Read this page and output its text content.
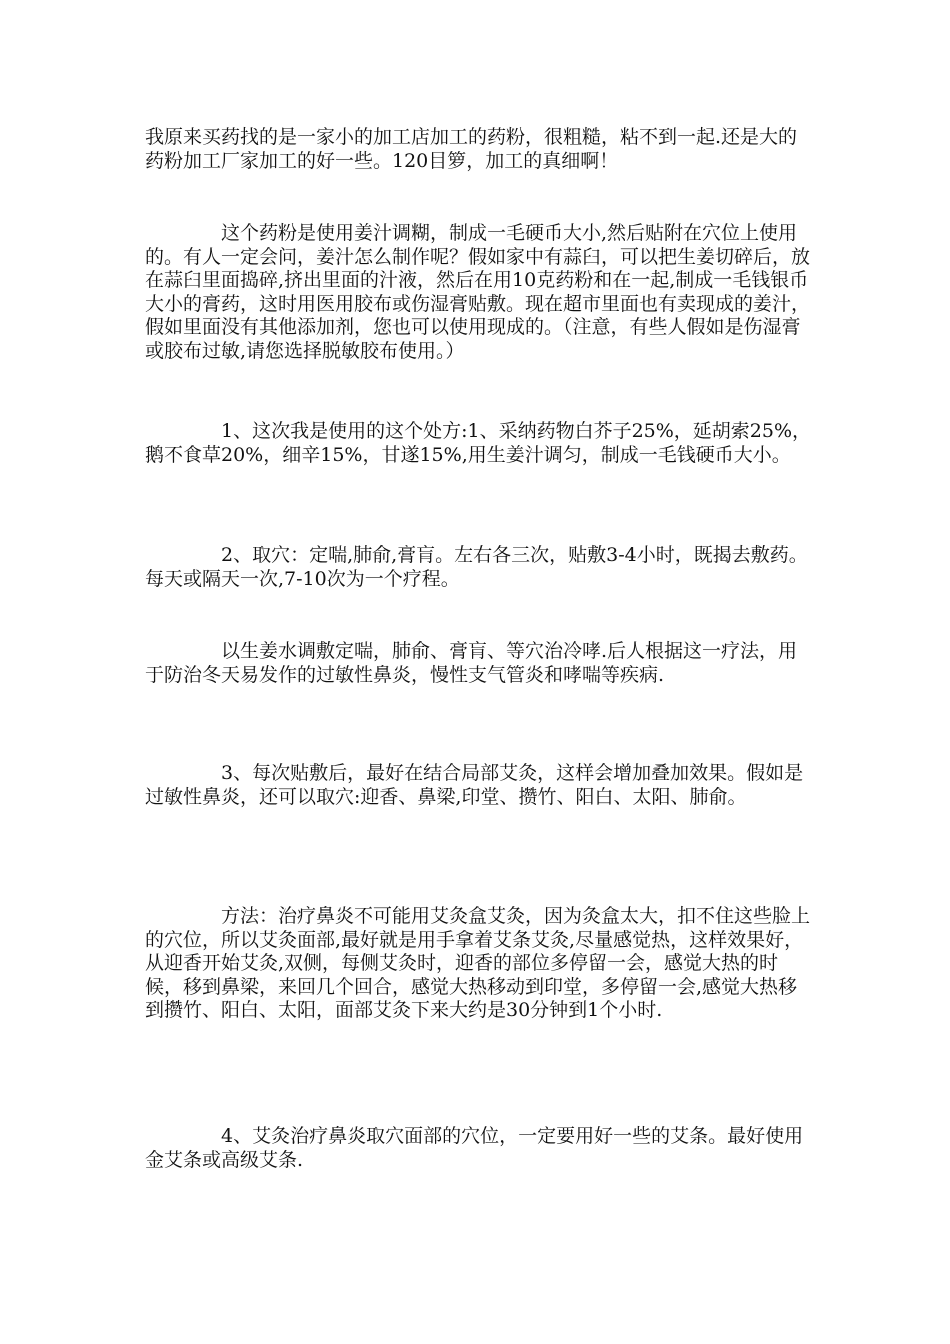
我原来买药找的是一家小的加工店加工的药粉，很粗糙，粘不到一起.还是大的药粉加工厂家加工的好一些。120目箩，加工的真细啊！

这个药粉是使用姜汁调糊，制成一毛硬币大小,然后贴附在穴位上使用的。有人一定会问，姜汁怎么制作呢？假如家中有蒜臼，可以把生姜切碎后，放在蒜臼里面捣碎,挤出里面的汁液，然后在用10克药粉和在一起,制成一毛钱银币大小的膏药，这时用医用胶布或伤湿膏贴敷。现在超市里面也有卖现成的姜汁，假如里面没有其他添加剂，您也可以使用现成的。（注意，有些人假如是伤湿膏或胶布过敏,请您选择脱敏胶布使用。）

1、这次我是使用的这个处方:1、采纳药物白芥子25%，延胡索25%，鹅不食草20%，细辛15%，甘遂15%,用生姜汁调匀，制成一毛钱硬币大小。

2、取穴：定喘,肺俞,膏肓。左右各三次，贴敷3-4小时，既揭去敷药。每天或隔天一次,7-10次为一个疗程。

以生姜水调敷定喘，肺俞、膏肓、等穴治冷哮.后人根据这一疗法，用于防治冬天易发作的过敏性鼻炎，慢性支气管炎和哮喘等疾病.

3、每次贴敷后，最好在结合局部艾灸，这样会增加叠加效果。假如是过敏性鼻炎，还可以取穴:迎香、鼻梁,印堂、攒竹、阳白、太阳、肺俞。

方法：治疗鼻炎不可能用艾灸盒艾灸，因为灸盒太大，扣不住这些脸上的穴位，所以艾灸面部,最好就是用手拿着艾条艾灸,尽量感觉热，这样效果好，从迎香开始艾灸,双侧，每侧艾灸时，迎香的部位多停留一会，感觉大热的时候，移到鼻梁，来回几个回合，感觉大热移动到印堂，多停留一会,感觉大热移到攒竹、阳白、太阳，面部艾灸下来大约是30分钟到1个小时.

4、艾灸治疗鼻炎取穴面部的穴位，一定要用好一些的艾条。最好使用金艾条或高级艾条.
